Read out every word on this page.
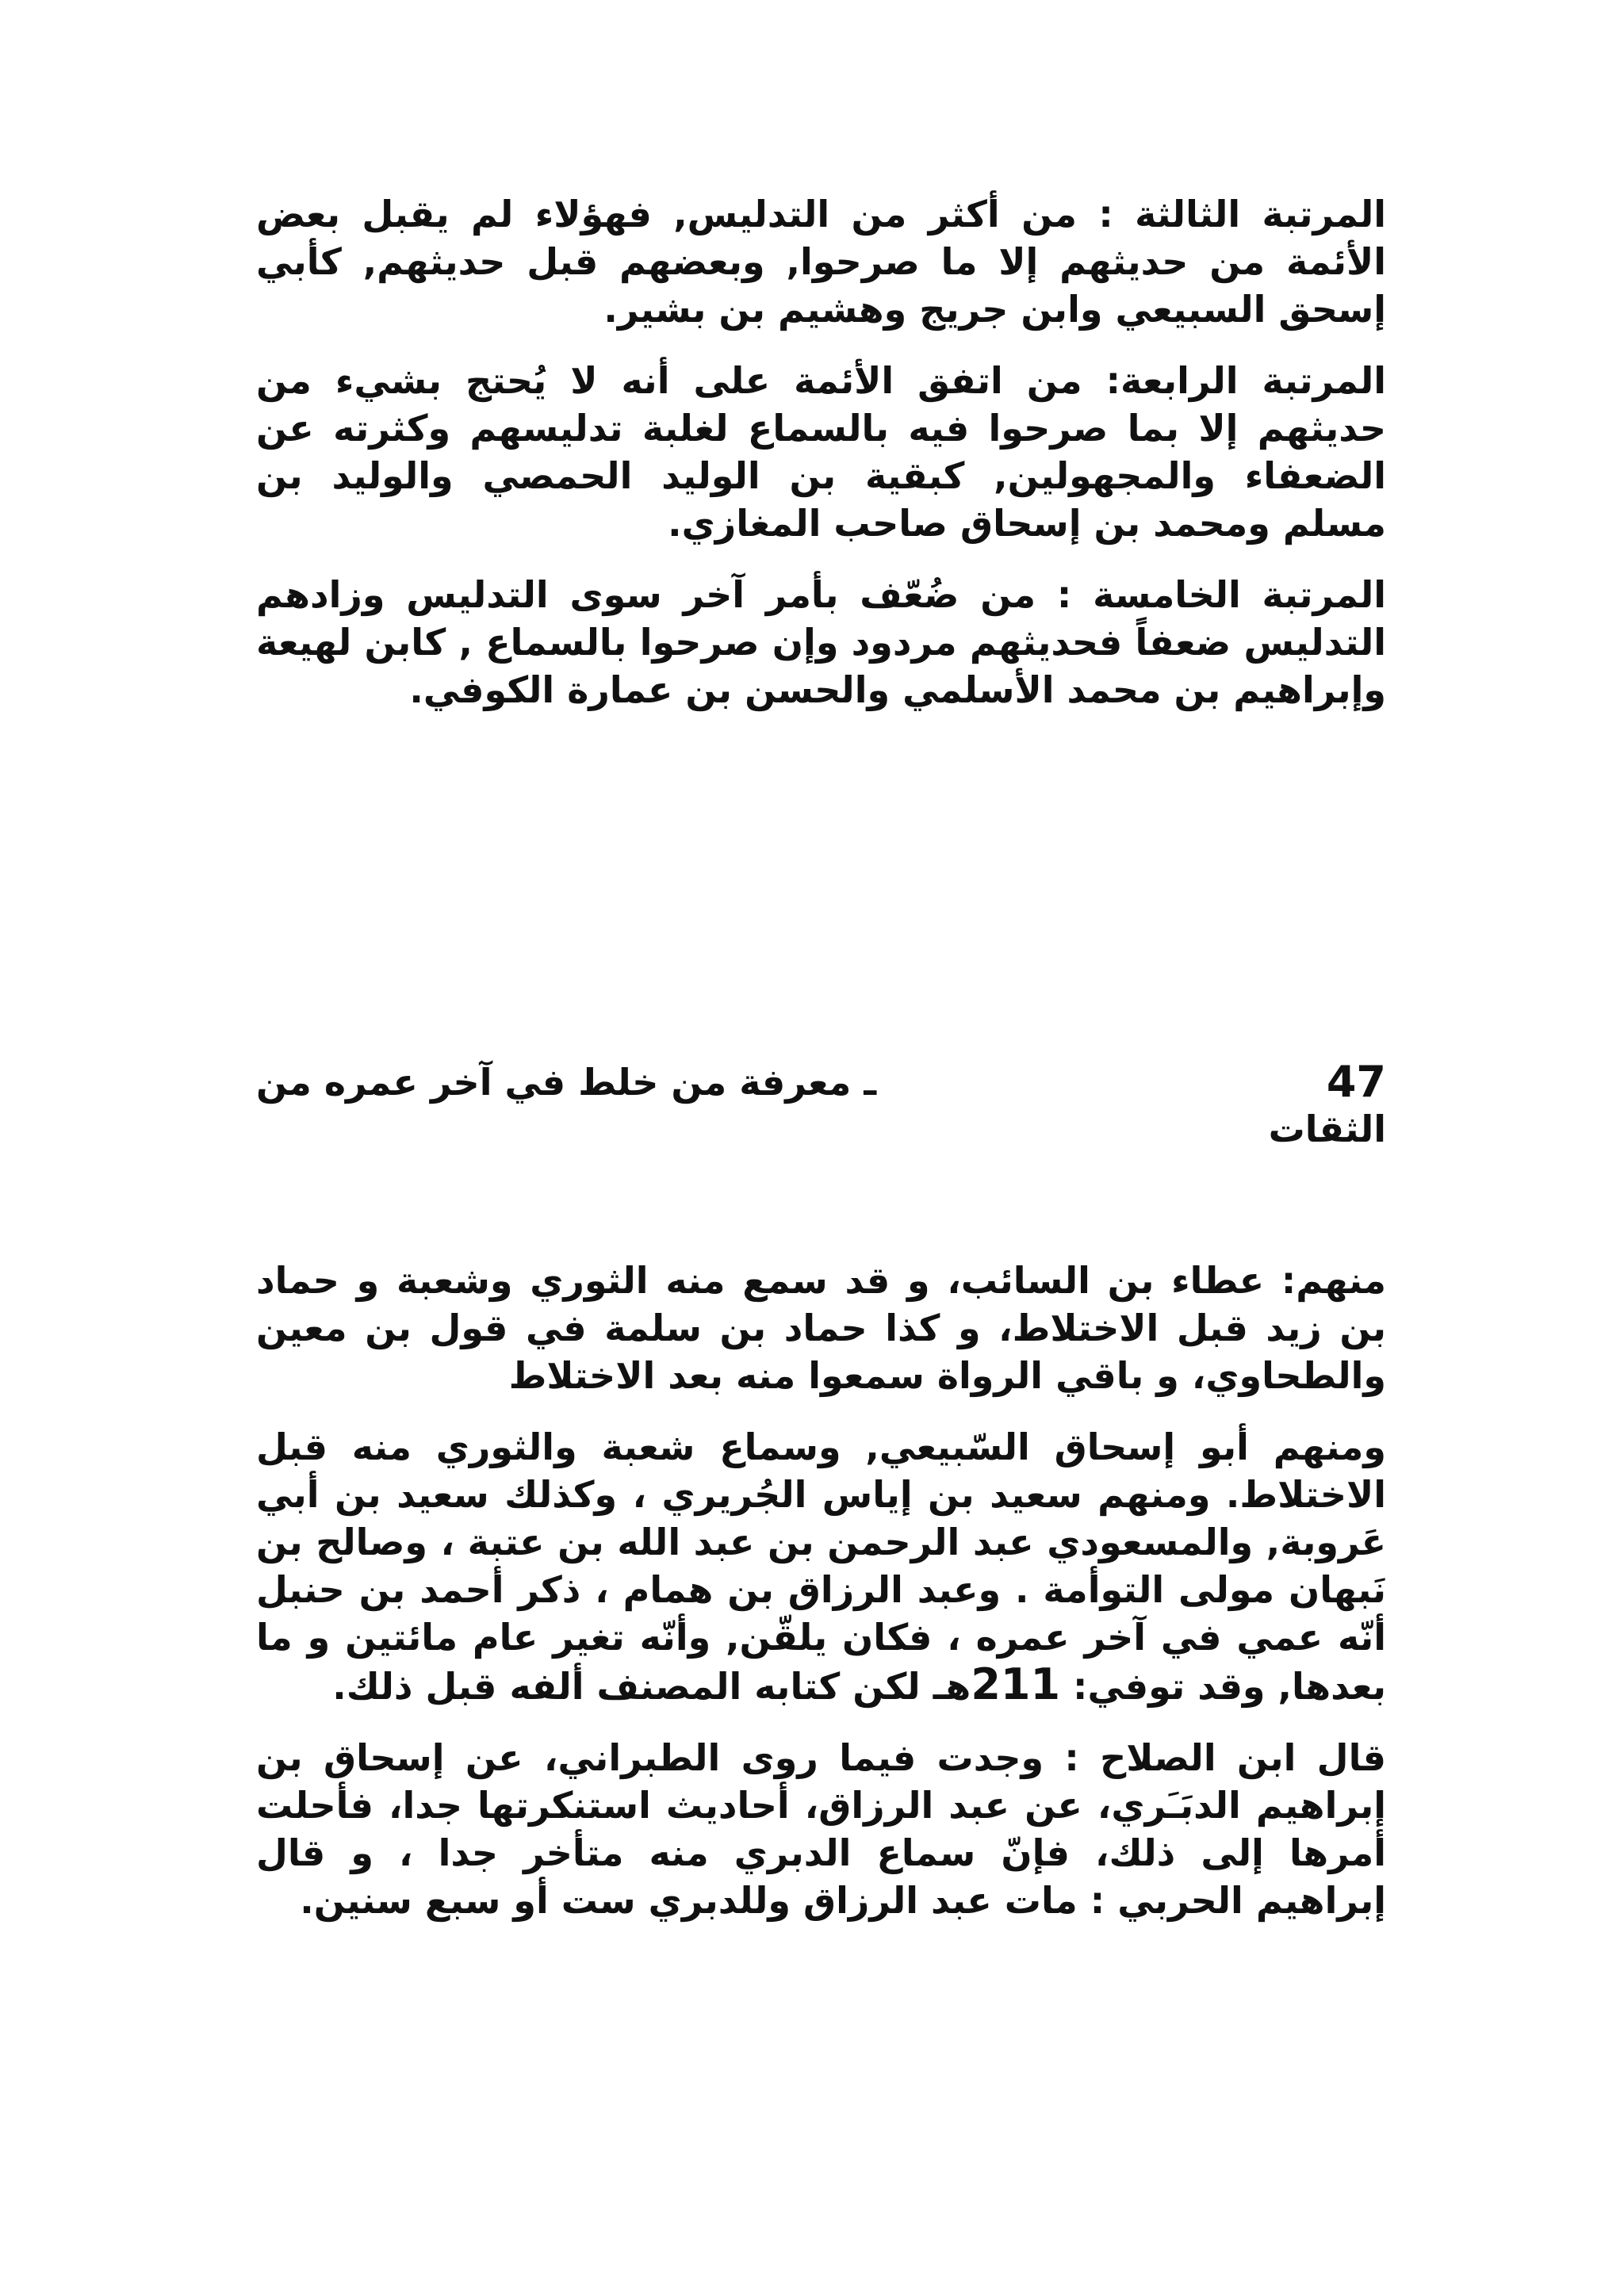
المرتبة الثالثة : من أكثر من التدليس, فهؤلاء لم يقبل بعض الأئمة من حديثهم إلا ما صرحوا, وبعضهم قبل حديثهم, كأبي إسحق السبيعي وابن جريج وهشيم بن بشير.

المرتبة الرابعة: من اتفق الأئمة على أنه لا يُحتج بشيء من حديثهم إلا بما صرحوا فيه بالسماع لغلبة تدليسهم وكثرته عن الضعفاء والمجهولين, كبقية بن الوليد الحمصي والوليد بن مسلم ومحمد بن إسحاق صاحب المغازي.

المرتبة الخامسة : من ضُعّف بأمر آخر سوى التدليس وزادهم التدليس ضعفاً فحديثهم مردود وإن صرحوا بالسماع , كابن لهيعة وإبراهيم بن محمد الأسلمي والحسن بن عمارة الكوفي.

47
ـ معرفة من خلط في آخر عمره من
الثقات

منهم: عطاء بن السائب، و قد سمع منه الثوري وشعبة و حماد بن زيد قبل الاختلاط، و كذا حماد بن سلمة في قول بن معين والطحاوي، و باقي الرواة سمعوا منه بعد الاختلاط

ومنهم أبو إسحاق السّبيعي, وسماع شعبة والثوري منه قبل الاختلاط. ومنهم سعيد بن إياس الجُريري ، وكذلك سعيد بن أبي عَروبة, والمسعودي عبد الرحمن بن عبد الله بن عتبة ، وصالح بن نَبهان مولى التوأمة . وعبد الرزاق بن همام ، ذكر أحمد بن حنبل أنّه عمي في آخر عمره ، فكان يلقّن, وأنّه تغير عام مائتين و ما بعدها, وقد توفي: 211هـ لكن كتابه المصنف ألفه قبل ذلك.

قال ابن الصلاح : وجدت فيما روى الطبراني، عن إسحاق بن إبراهيم الدبَـَري، عن عبد الرزاق، أحاديث استنكرتها جدا، فأحلت أمرها إلى ذلك، فإنّ سماع الدبري منه متأخر جدا ، و قال إبراهيم الحربي : مات عبد الرزاق وللدبري ست أو سبع سنين.
